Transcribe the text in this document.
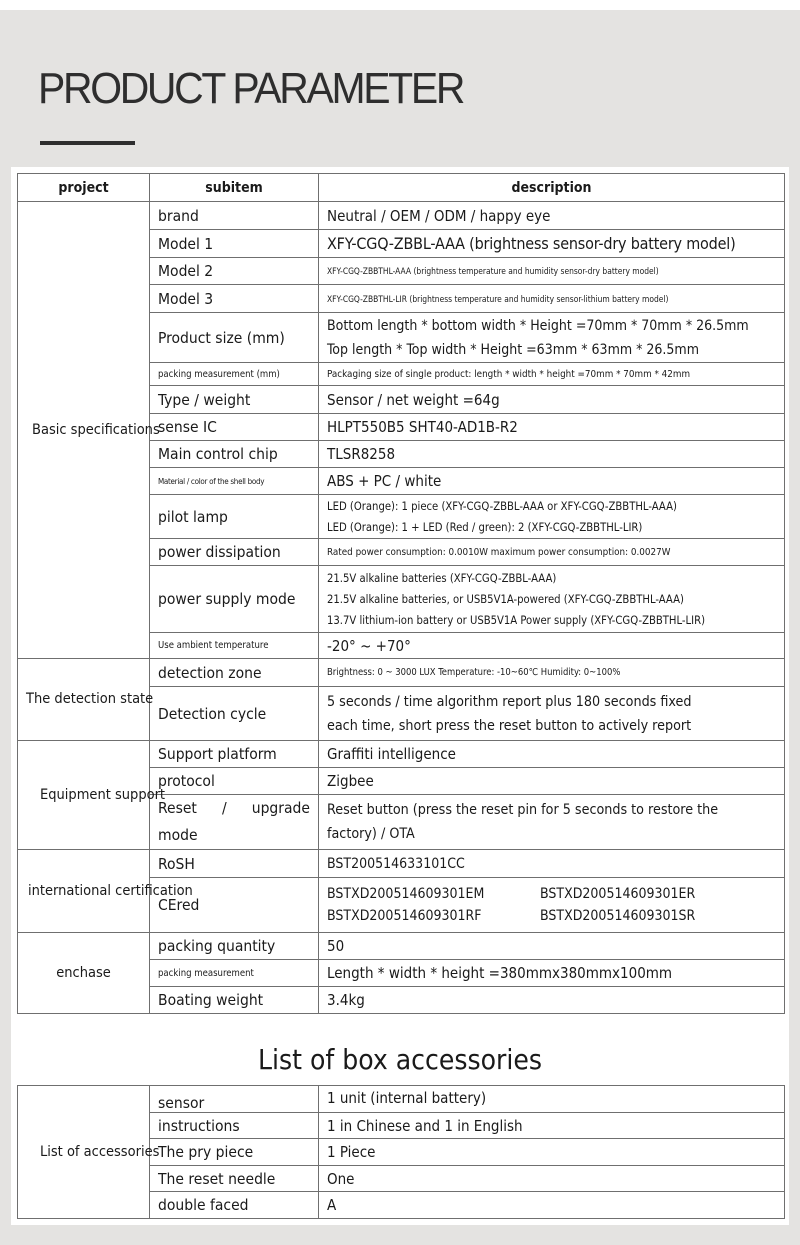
PRODUCT PARAMETER
project	subitem	description
Basic specifications	brand	Neutral / OEM / ODM / happy eye
	Model 1	XFY-CGQ-ZBBL-AAA (brightness sensor-dry battery model)
	Model 2	XFY-CGQ-ZBBTHL-AAA (brightness temperature and humidity sensor-dry battery model)
	Model 3	XFY-CGQ-ZBBTHL-LIR (brightness temperature and humidity sensor-lithium battery model)
	Product size (mm)	Bottom length * bottom width * Height =70mm * 70mm * 26.5mm
Top length * Top width * Height =63mm * 63mm * 26.5mm

	packing measurement (mm)	Packaging size of single product: length * width * height =70mm * 70mm * 42mm
	Type / weight	Sensor / net weight =64g
	sense IC	HLPT550B5 SHT40-AD1B-R2
	Main control chip	TLSR8258
	Material / color of the shell body	ABS + PC / white
	pilot lamp	LED (Orange): 1 piece (XFY-CGQ-ZBBL-AAA or XFY-CGQ-ZBBTHL-AAA)
LED (Orange): 1 + LED (Red / green): 2 (XFY-CGQ-ZBBTHL-LIR)

	power dissipation	Rated power consumption: 0.0010W maximum power consumption: 0.0027W
	power supply mode	21.5V alkaline batteries (XFY-CGQ-ZBBL-AAA)
21.5V alkaline batteries, or USB5V1A-powered (XFY-CGQ-ZBBTHL-AAA)
13.7V lithium-ion battery or USB5V1A Power supply (XFY-CGQ-ZBBTHL-LIR)

	Use ambient temperature	-20° ~ +70°
The detection state	detection zone	Brightness: 0 ~ 3000 LUX Temperature: -10~60℃ Humidity: 0~100%
	Detection cycle	5 seconds / time algorithm report plus 180 seconds fixed
each time, short press the reset button to actively report

Equipment support	Support platform	Graffiti intelligence
	protocol	Zigbee
	Reset / upgrade mode	Reset button (press the reset pin for 5 seconds to restore the
factory) / OTA

international certification	RoSH	BST200514633101CC
	CEred	BSTXD200514609301EM BSTXD200514609301ER
BSTXD200514609301RF BSTXD200514609301SR

enchase	packing quantity	50
	packing measurement	Length * width * height =380mmx380mmx100mm
	Boating weight	3.4kg
List of box accessories
List of accessories	sensor	1 unit (internal battery)
	instructions	1 in Chinese and 1 in English
	The pry piece	1 Piece
	The reset needle	One
	double faced	A
